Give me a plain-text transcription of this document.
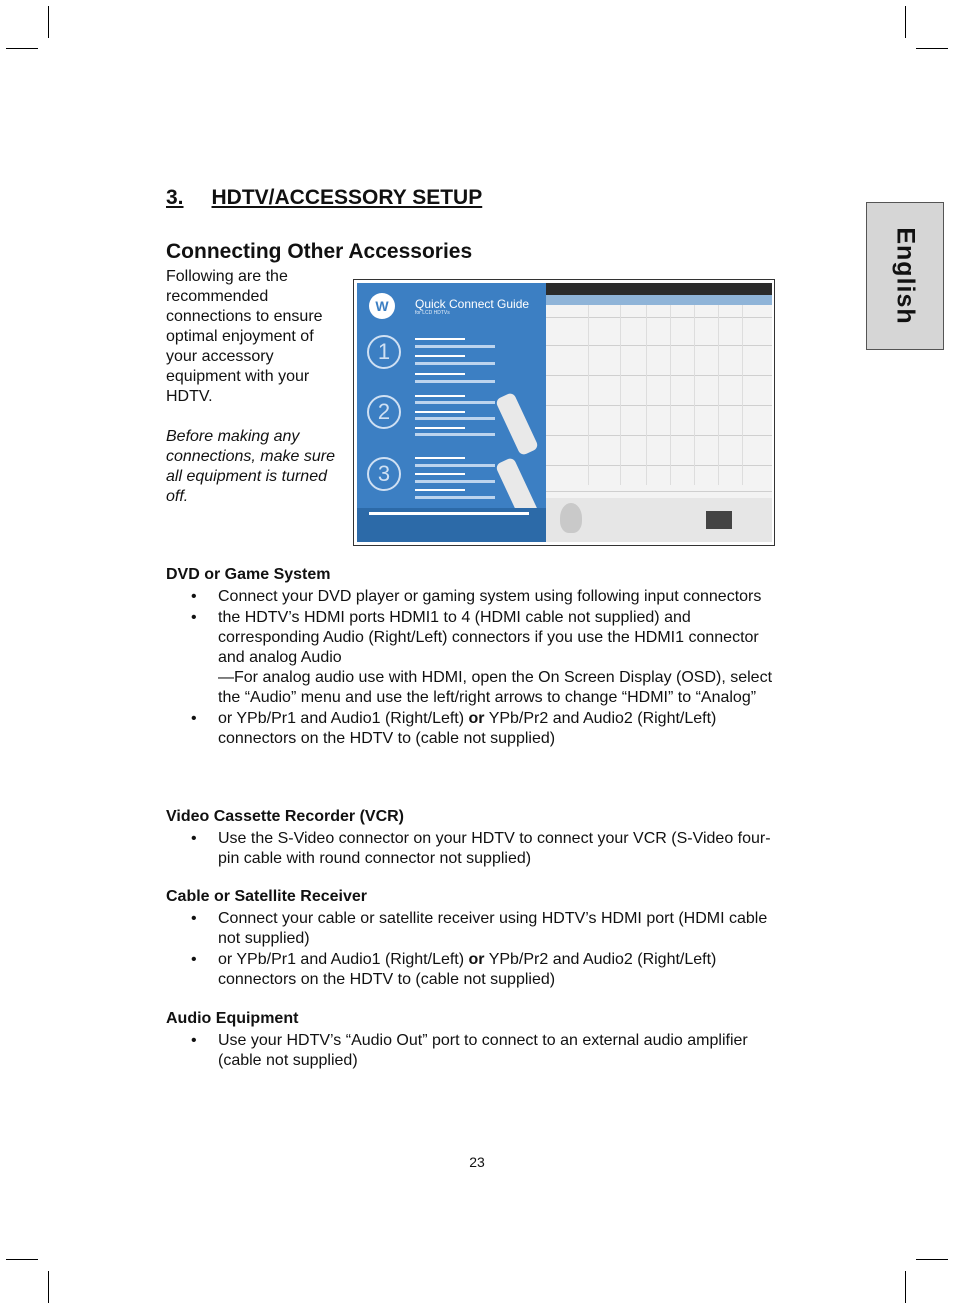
English
3. HDTV/ACCESSORY SETUP
Connecting Other Accessories

Following are the recommended connections to ensure optimal enjoyment of your accessory equipment with your HDTV.

Before making any connections, make sure all equipment is turned off.

W	Quick Connect Guide
for LCD HDTVs
1
2
3
DVD or Game System
• Connect your DVD player or gaming system using following input connectors
• the HDTV’s HDMI ports HDMI1 to 4 (HDMI cable not supplied) and corresponding Audio (Right/Left) connectors if you use the HDMI1 connector and analog Audio
—For analog audio use with HDMI, open the On Screen Display (OSD), select the “Audio” menu and use the left/right arrows to change “HDMI” to “Analog”
• or YPb/Pr1 and Audio1 (Right/Left) or YPb/Pr2 and Audio2 (Right/Left) connectors on the HDTV to (cable not supplied)
Video Cassette Recorder (VCR)
• Use the S-Video connector on your HDTV to connect your VCR (S-Video four-pin cable with round connector not supplied)
Cable or Satellite Receiver
• Connect your cable or satellite receiver using HDTV’s HDMI port (HDMI cable not supplied)
• or YPb/Pr1 and Audio1 (Right/Left) or YPb/Pr2 and Audio2 (Right/Left) connectors on the HDTV to (cable not supplied)
Audio Equipment
• Use your HDTV’s “Audio Out” port to connect to an external audio amplifier (cable not supplied)
23
